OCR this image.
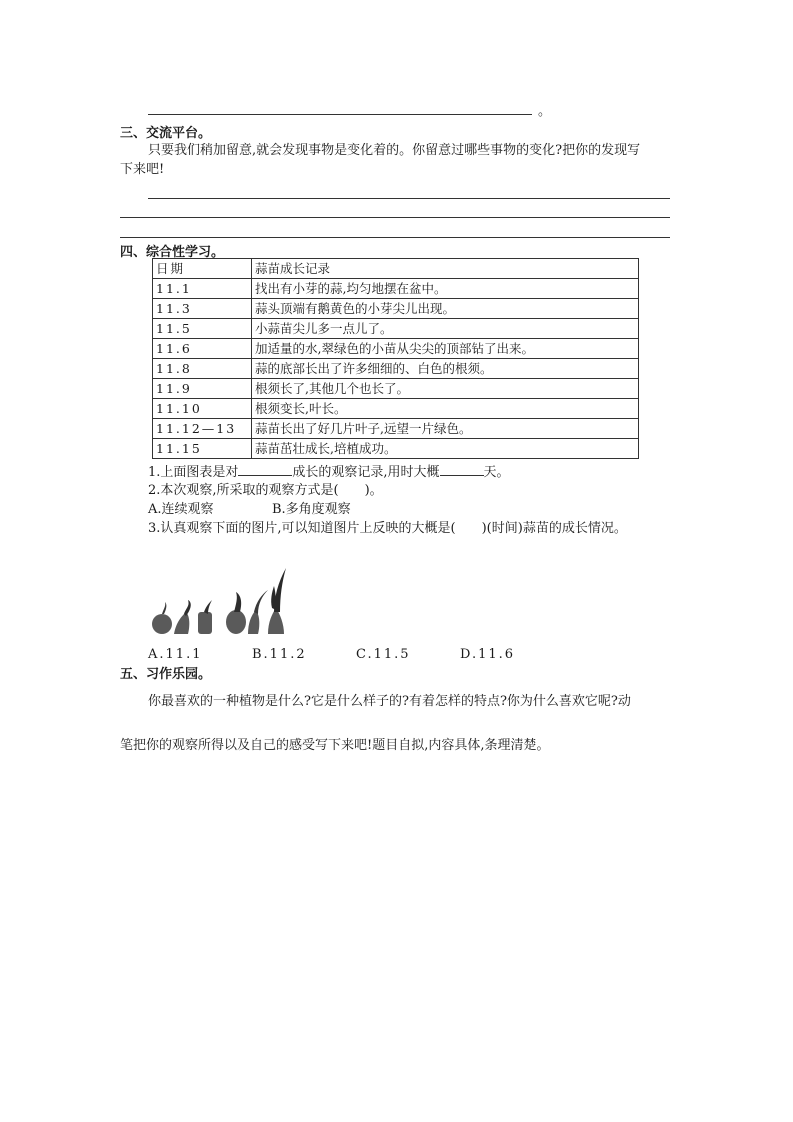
。
三、交流平台。
只要我们稍加留意,就会发现事物是变化着的。你留意过哪些事物的变化?把你的发现写
下来吧!
四、综合性学习。
日期	蒜苗成长记录
11.1	找出有小芽的蒜,均匀地摆在盆中。
11.3	蒜头顶端有鹅黄色的小芽尖儿出现。
11.5	小蒜苗尖儿多一点儿了。
11.6	加适量的水,翠绿色的小苗从尖尖的顶部钻了出来。
11.8	蒜的底部长出了许多细细的、白色的根须。
11.9	根须长了,其他几个也长了。
11.10	根须变长,叶长。
11.12—13	蒜苗长出了好几片叶子,远望一片绿色。
11.15	蒜苗茁壮成长,培植成功。
1.上面图表是对	成长的观察记录,用时大概	天。
2.本次观察,所采取的观察方式是(　　)。
A.连续观察	B.多角度观察
3.认真观察下面的图片,可以知道图片上反映的大概是(　　)(时间)蒜苗的成长情况。
A.11.1	B.11.2	C.11.5	D.11.6
五、习作乐园。
你最喜欢的一种植物是什么?它是什么样子的?有着怎样的特点?你为什么喜欢它呢?动
笔把你的观察所得以及自己的感受写下来吧!题目自拟,内容具体,条理清楚。
